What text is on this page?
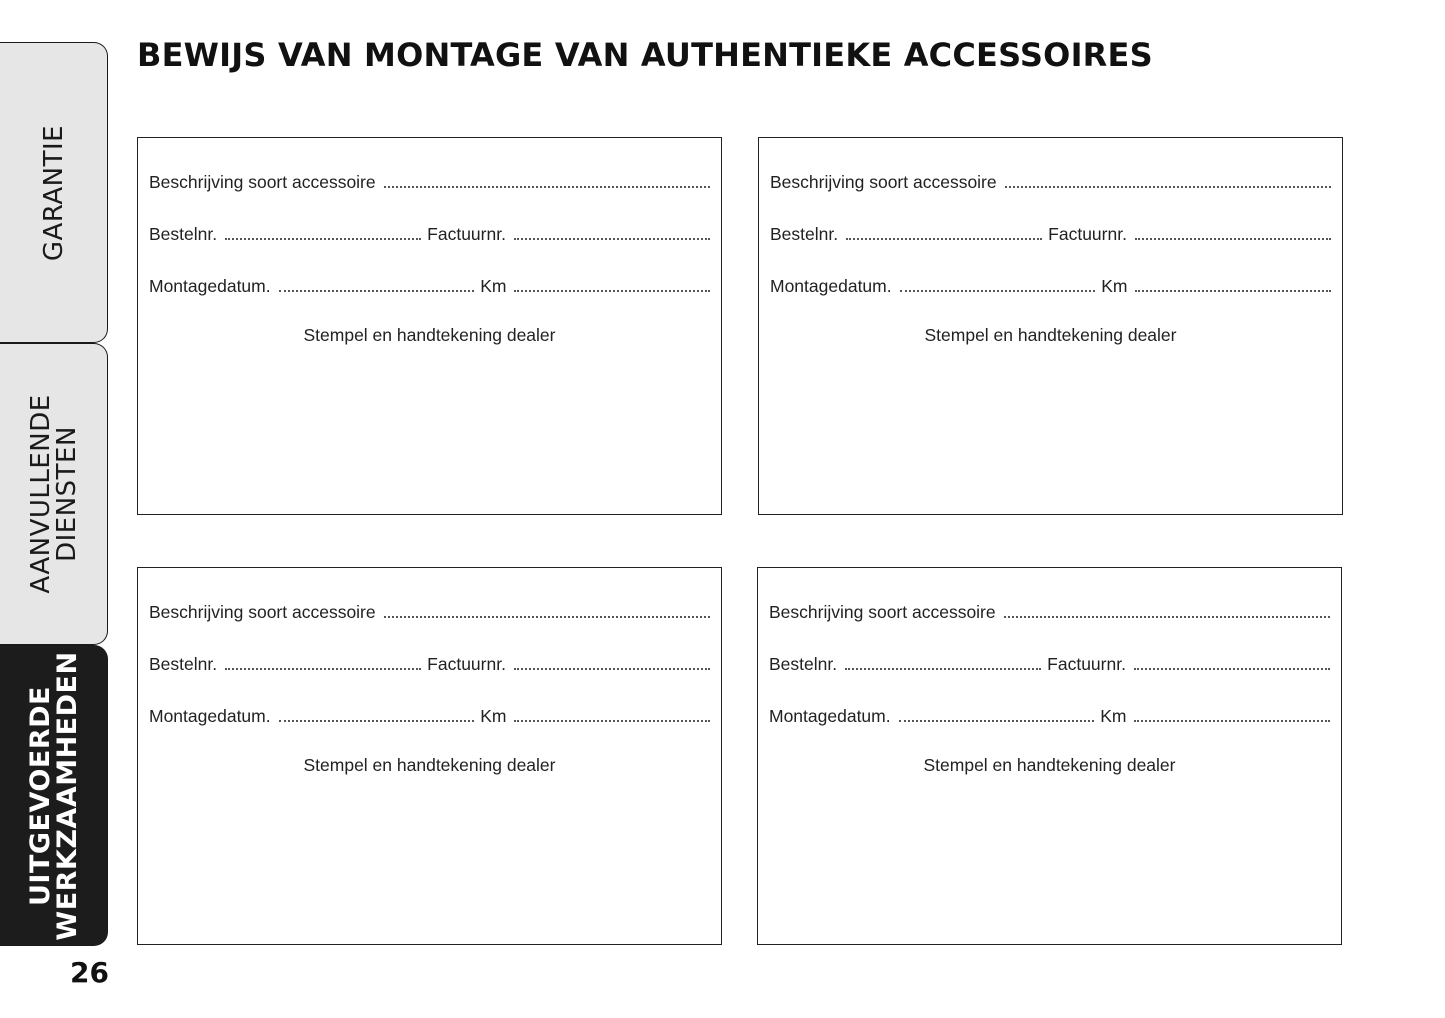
GARANTIE
AANVULLENDE
DIENSTEN
UITGEVOERDE
WERKZAAMHEDEN
26
BEWIJS VAN MONTAGE VAN AUTHENTIEKE ACCESSOIRES
Beschrijving soort accessoire
Bestelnr.	Factuurnr.
Montagedatum.	Km
Stempel en handtekening dealer
Beschrijving soort accessoire
Bestelnr.	Factuurnr.
Montagedatum.	Km
Stempel en handtekening dealer
Beschrijving soort accessoire
Bestelnr.	Factuurnr.
Montagedatum.	Km
Stempel en handtekening dealer
Beschrijving soort accessoire
Bestelnr.	Factuurnr.
Montagedatum.	Km
Stempel en handtekening dealer
